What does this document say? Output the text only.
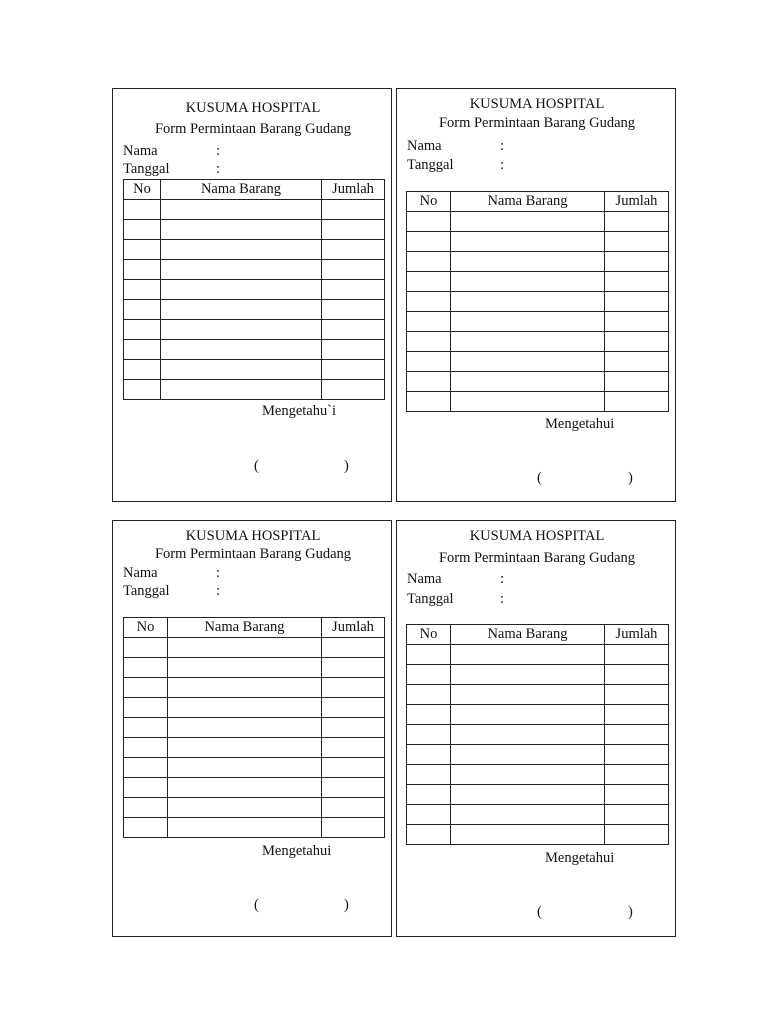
KUSUMA HOSPITAL
Form Permintaan Barang Gudang
Nama	:
Tanggal	:
No	Nama Barang	Jumlah

Mengetahu`i
(	)
KUSUMA HOSPITAL
Form Permintaan Barang Gudang
Nama	:
Tanggal	:
No	Nama Barang	Jumlah

Mengetahui
(	)
KUSUMA HOSPITAL
Form Permintaan Barang Gudang
Nama	:
Tanggal	:
No	Nama Barang	Jumlah

Mengetahui
(	)
KUSUMA HOSPITAL
Form Permintaan Barang Gudang
Nama	:
Tanggal	:
No	Nama Barang	Jumlah

Mengetahui
(	)
